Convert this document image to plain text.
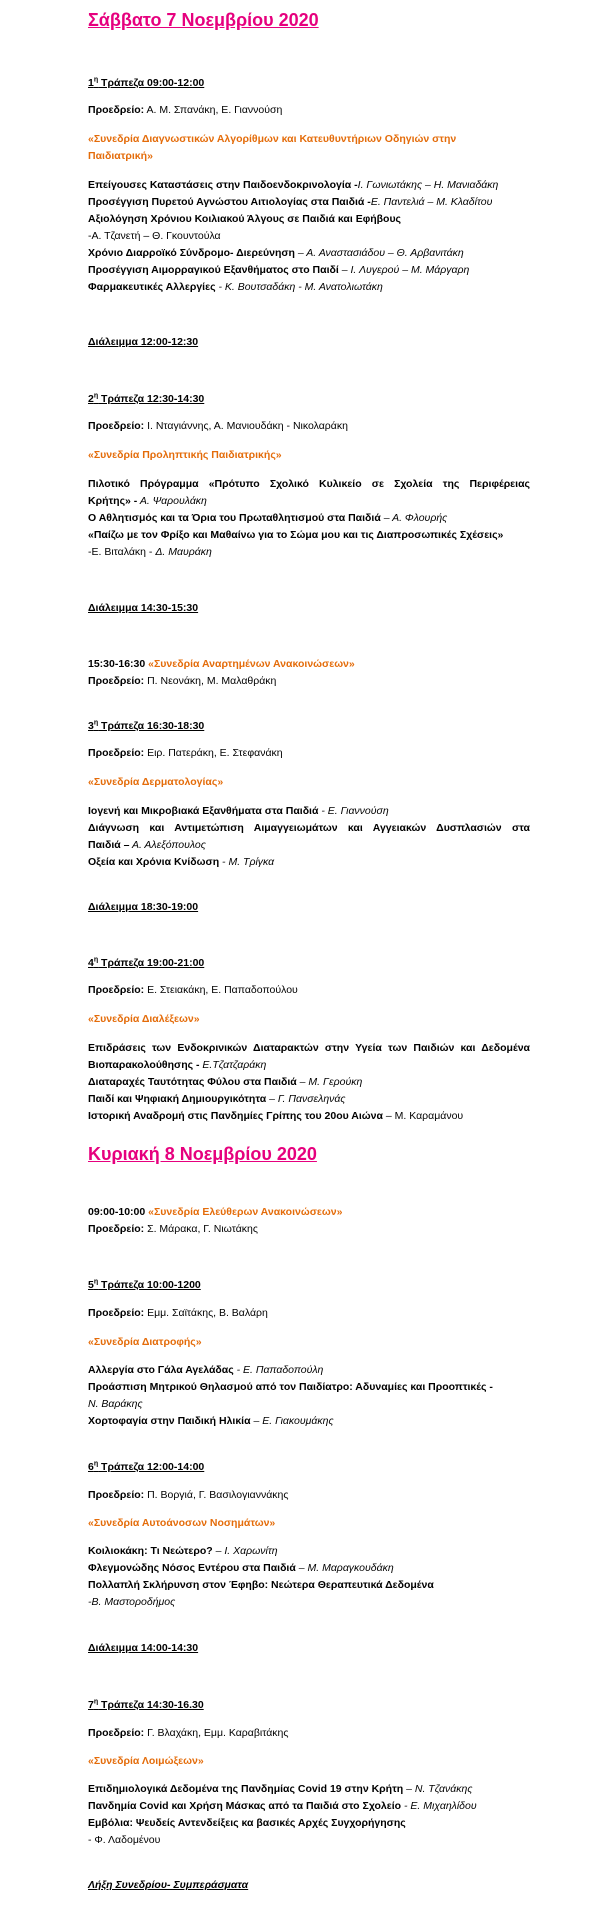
Σάββατο 7 Νοεμβρίου 2020

$1^\eta$ Τράπεζα 09:00-12:00

Προεδρείο: Α. Μ. Σπανάκη, Ε. Γιαννούση

«Συνεδρία Διαγνωστικών Αλγορίθμων και Κατευθυντήριων Οδηγιών στην

Παιδιατρική»

Επείγουσες Καταστάσεις στην Παιδοενδοκρινολογία -Ι. Γωνιωτάκης – Η. Μανιαδάκη

Προσέγγιση Πυρετού Αγνώστου Αιτιολογίας στα Παιδιά -Ε. Παντελιά – Μ. Κλαδίτου

Αξιολόγηση Χρόνιου Κοιλιακού Άλγους σε Παιδιά και Εφήβους

-Α. Τζανετή – Θ. Γκουντούλα

Χρόνιο Διαρροϊκό Σύνδρομο- Διερεύνηση – Α. Αναστασιάδου – Θ. Αρβανιτάκη

Προσέγγιση Αιμορραγικού Εξανθήματος στο Παιδί – Ι. Λυγερού – Μ. Μάργαρη

Φαρμακευτικές Αλλεργίες - Κ. Βουτσαδάκη - Μ. Ανατολιωτάκη

Διάλειμμα 12:00-12:30

$2^\eta$ Τράπεζα 12:30-14:30

Προεδρείο: Ι. Νταγιάννης, Α. Μανιουδάκη - Νικολαράκη

«Συνεδρία Προληπτικής Παιδιατρικής»

Πιλοτικό Πρόγραμμα «Πρότυπο Σχολικό Κυλικείο σε Σχολεία της Περιφέρειας

Κρήτης» - Α. Ψαρουλάκη

Ο Αθλητισμός και τα Όρια του Πρωταθλητισμού στα Παιδιά – Α. Φλουρής

«Παίζω με τον Φρίξο και Μαθαίνω για το Σώμα μου και τις Διαπροσωπικές Σχέσεις»

-Ε. Βιταλάκη - Δ. Μαυράκη

Διάλειμμα 14:30-15:30

15:30-16:30 «Συνεδρία Αναρτημένων Ανακοινώσεων»

Προεδρείο: Π. Νεονάκη, Μ. Μαλαθράκη

$3^\eta$ Τράπεζα 16:30-18:30

Προεδρείο: Ειρ. Πατεράκη, Ε. Στεφανάκη

«Συνεδρία Δερματολογίας»

Ιογενή και Μικροβιακά Εξανθήματα στα Παιδιά - Ε. Γιαννούση

Διάγνωση και Αντιμετώπιση Αιμαγγειωμάτων και Αγγειακών Δυσπλασιών στα

Παιδιά – Α. Αλεξόπουλος

Οξεία και Χρόνια Κνίδωση - Μ. Τρίγκα

Διάλειμμα 18:30-19:00

$4^\eta$ Τράπεζα 19:00-21:00

Προεδρείο: Ε. Στειακάκη, Ε. Παπαδοπούλου

«Συνεδρία Διαλέξεων»

Επιδράσεις των Ενδοκρινικών Διαταρακτών στην Υγεία των Παιδιών και Δεδομένα

Βιοπαρακολούθησης - Ε.Τζατζαράκη

Διαταραχές Ταυτότητας Φύλου στα Παιδιά – Μ. Γερούκη

Παιδί και Ψηφιακή Δημιουργικότητα – Γ. Πανσεληνάς

Ιστορική Αναδρομή στις Πανδημίες Γρίπης του 20ου Αιώνα – Μ. Καραμάνου

Κυριακή 8 Νοεμβρίου 2020

09:00-10:00 «Συνεδρία Ελεύθερων Ανακοινώσεων»

Προεδρείο: Σ. Μάρακα, Γ. Νιωτάκης

$5^\eta$ Τράπεζα 10:00-1200

Προεδρείο: Εμμ. Σαϊτάκης, Β. Βαλάρη

«Συνεδρία Διατροφής»

Αλλεργία στο Γάλα Αγελάδας - Ε. Παπαδοπούλη

Προάσπιση Μητρικού Θηλασμού από τον Παιδίατρο: Αδυναμίες και Προοπτικές -

Ν. Βαράκης

Χορτοφαγία στην Παιδική Ηλικία – Ε. Γιακουμάκης

$6^\eta$ Τράπεζα 12:00-14:00

Προεδρείο: Π. Βοργιά, Γ. Βασιλογιαννάκης

«Συνεδρία Αυτοάνοσων Νοσημάτων»

Κοιλιοκάκη: Τι Νεώτερο? – Ι. Χαρωνίτη

Φλεγμονώδης Νόσος Εντέρου στα Παιδιά – Μ. Μαραγκουδάκη

Πολλαπλή Σκλήρυνση στον Έφηβο: Νεώτερα Θεραπευτικά Δεδομένα

-Β. Μαστοροδήμος

Διάλειμμα 14:00-14:30

$7^\eta$ Τράπεζα 14:30-16.30

Προεδρείο: Γ. Βλαχάκη, Εμμ. Καραβιτάκης

«Συνεδρία Λοιμώξεων»

Επιδημιολογικά Δεδομένα της Πανδημίας Covid 19 στην Κρήτη – Ν. Τζανάκης

Πανδημία Covid και Χρήση Μάσκας από τα Παιδιά στο Σχολείο - Ε. Μιχαηλίδου

Εμβόλια: Ψευδείς Αντενδείξεις κα βασικές Αρχές Συγχορήγησης

- Φ. Λαδομένου

Λήξη Συνεδρίου- Συμπεράσματα
